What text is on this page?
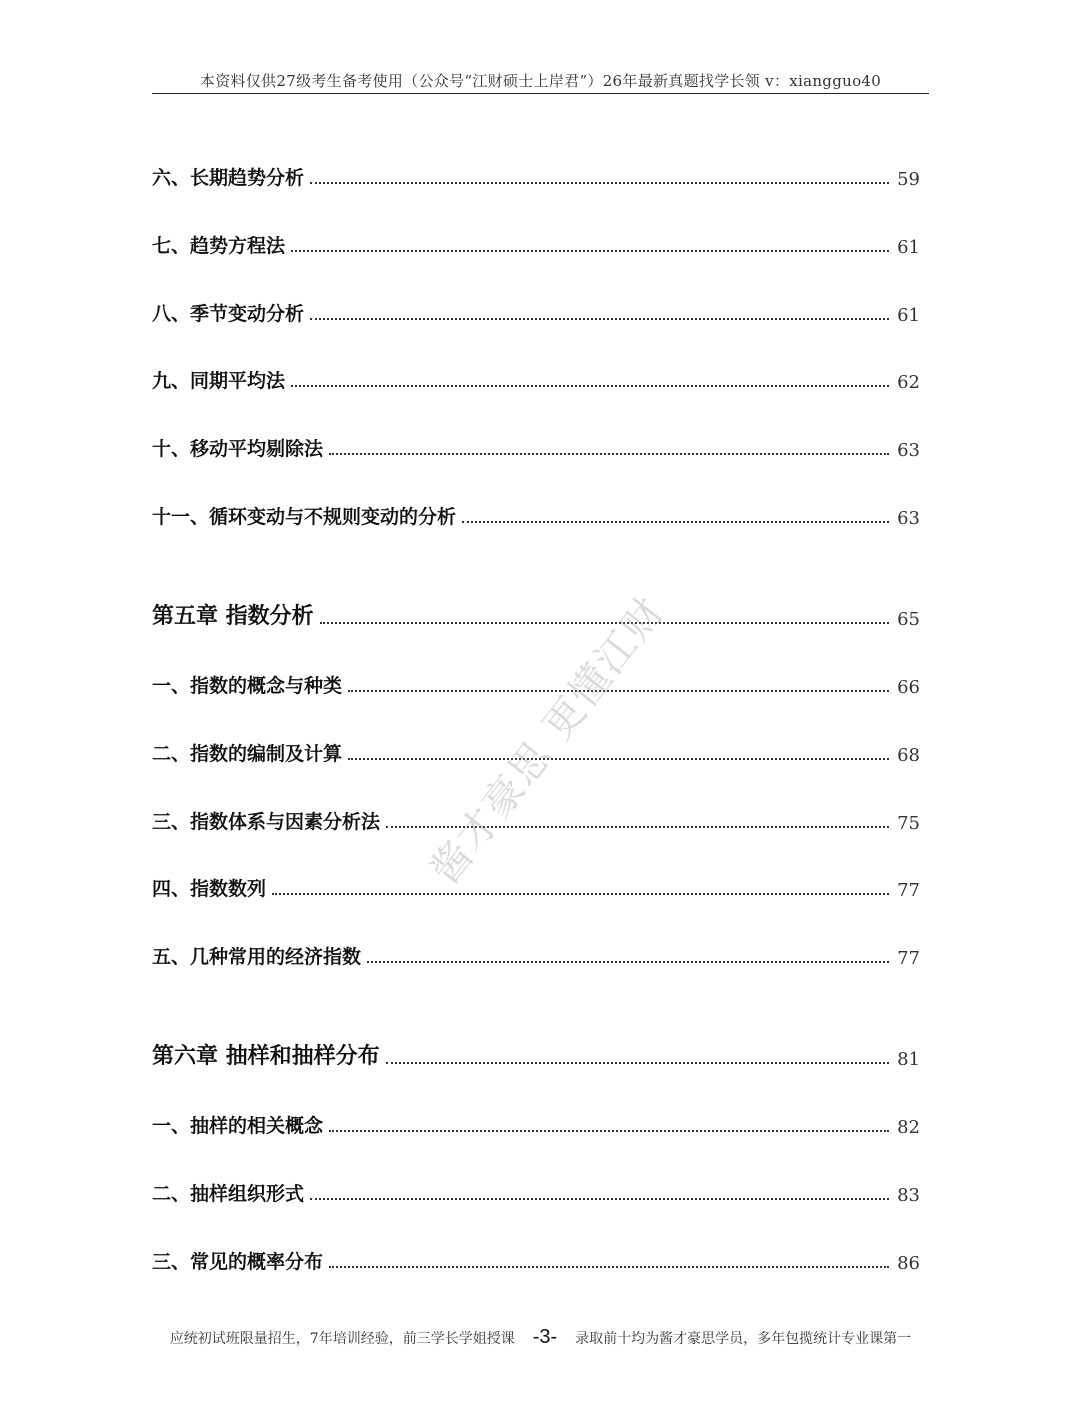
本资料仅供27级考生备考使用（公众号“江财硕士上岸君”）26年最新真题找学长领 v：xiangguo40
六、长期趋势分析	59
七、趋势方程法	61
八、季节变动分析	61
九、同期平均法	62
十、移动平均剔除法	63
十一、循环变动与不规则变动的分析	63
第五章 指数分析	65
一、指数的概念与种类	66
二、指数的编制及计算	68
三、指数体系与因素分析法	75
四、指数数列	77
五、几种常用的经济指数	77
第六章 抽样和抽样分布	81
一、抽样的相关概念	82
二、抽样组织形式	83
三、常见的概率分布	86
酱才豪思 更懂江财
应统初试班限量招生，7年培训经验，前三学长学姐授课 -3- 录取前十均为酱才豪思学员，多年包揽统计专业课第一
